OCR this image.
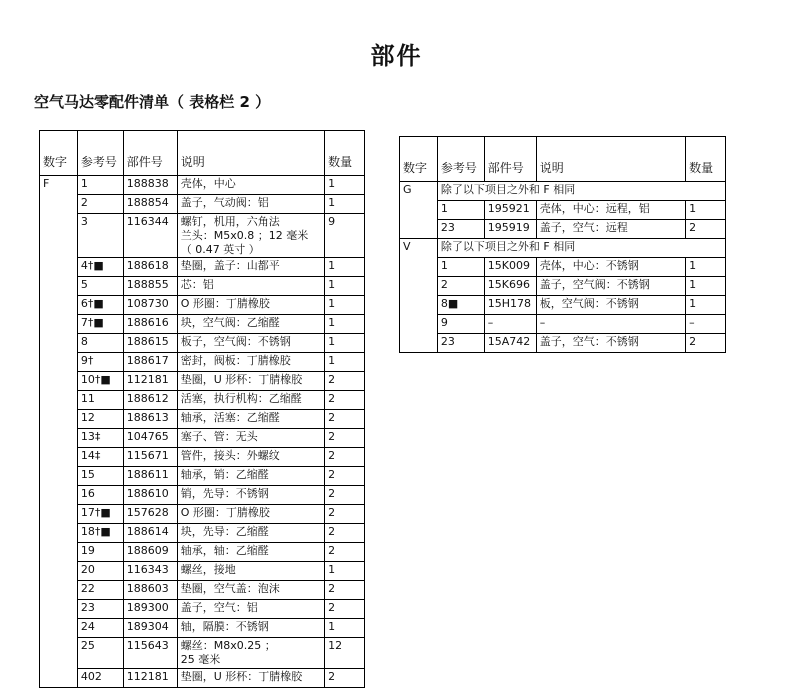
部件
空气马达零配件清单（ 表格栏 2 ）
数字	参考号	部件号	说明	数量
F	1	188838	壳体，中心	1
	2	188854	盖子，气动阀：铝	1
	3	116344	螺钉，机用，六角法
兰头：M5x0.8 ；12 毫米
（ 0.47 英寸 ）	9
	4†■	188618	垫圈，盖子：山都平	1
	5	188855	芯：铝	1
	6†■	108730	O 形圈：丁腈橡胶	1
	7†■	188616	块，空气阀：乙缩醛	1
	8	188615	板子，空气阀：不锈钢	1
	9†	188617	密封，阀板：丁腈橡胶	1
	10†■	112181	垫圈，U 形杯：丁腈橡胶	2
	11	188612	活塞，执行机构：乙缩醛	2
	12	188613	轴承，活塞：乙缩醛	2
	13‡	104765	塞子、管：无头	2
	14‡	115671	管件，接头：外螺纹	2
	15	188611	轴承，销：乙缩醛	2
	16	188610	销，先导：不锈钢	2
	17†■	157628	O 形圈：丁腈橡胶	2
	18†■	188614	块，先导：乙缩醛	2
	19	188609	轴承，轴：乙缩醛	2
	20	116343	螺丝，接地	1
	22	188603	垫圈，空气盖：泡沫	2
	23	189300	盖子，空气：铝	2
	24	189304	轴，隔膜：不锈钢	1
	25	115643	螺丝：M8x0.25 ；
25 毫米	12
	402	112181	垫圈，U 形杯：丁腈橡胶	2
数字	参考号	部件号	说明	数量
G	除了以下项目之外和 F 相同			
	1	195921	壳体，中心：远程，铝	1
	23	195919	盖子，空气：远程	2
V	除了以下项目之外和 F 相同			
	1	15K009	壳体，中心：不锈钢	1
	2	15K696	盖子，空气阀：不锈钢	1
	8■	15H178	板，空气阀：不锈钢	1
	9	–	–	–
	23	15A742	盖子，空气：不锈钢	2
